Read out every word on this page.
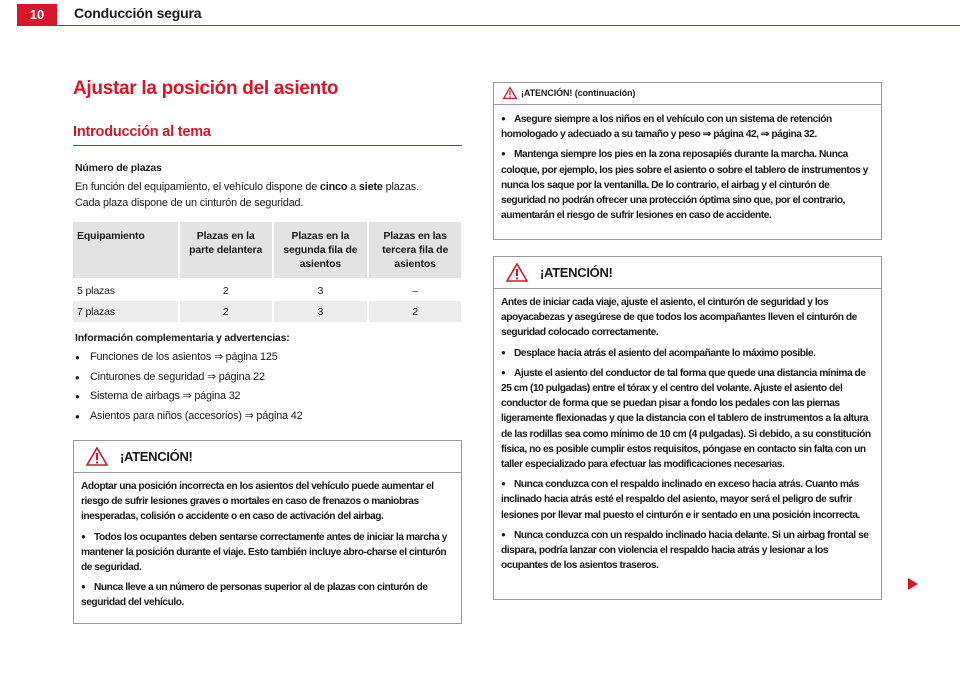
10	Conducción segura
Ajustar la posición del asiento
Introducción al tema
Número de plazas
En función del equipamiento, el vehículo dispone de cinco a siete plazas.
Cada plaza dispone de un cinturón de seguridad.
Equipamiento	Plazas en la parte delantera	Plazas en la segunda fila de asientos	Plazas en las tercera fila de asientos

5 plazas	2	3	–
7 plazas	2	3	2
Información complementaria y advertencias:
● Funciones de los asientos ⇒ página 125
● Cinturones de seguridad ⇒ página 22
● Sistema de airbags ⇒ página 32
● Asientos para niños (accesorios) ⇒ página 42
¡ATENCIÓN!

Adoptar una posición incorrecta en los asientos del vehículo puede aumentar el riesgo de sufrir lesiones graves o mortales en caso de frenazos o maniobras inesperadas, colisión o accidente o en caso de activación del airbag.

● Todos los ocupantes deben sentarse correctamente antes de iniciar la marcha y mantener la posición durante el viaje. Esto también incluye abro-charse el cinturón de seguridad.

● Nunca lleve a un número de personas superior al de plazas con cinturón de seguridad del vehículo.

¡ATENCIÓN! (continuación)

● Asegure siempre a los niños en el vehículo con un sistema de retención homologado y adecuado a su tamaño y peso ⇒ página 42, ⇒ página 32.

● Mantenga siempre los pies en la zona reposapiés durante la marcha. Nunca coloque, por ejemplo, los pies sobre el asiento o sobre el tablero de instrumentos y nunca los saque por la ventanilla. De lo contrario, el airbag y el cinturón de seguridad no podrán ofrecer una protección óptima sino que, por el contrario, aumentarán el riesgo de sufrir lesiones en caso de accidente.

¡ATENCIÓN!

Antes de iniciar cada viaje, ajuste el asiento, el cinturón de seguridad y los apoyacabezas y asegúrese de que todos los acompañantes lleven el cinturón de seguridad colocado correctamente.

● Desplace hacia atrás el asiento del acompañante lo máximo posible.

● Ajuste el asiento del conductor de tal forma que quede una distancia mínima de 25 cm (10 pulgadas) entre el tórax y el centro del volante. Ajuste el asiento del conductor de forma que se puedan pisar a fondo los pedales con las piernas ligeramente flexionadas y que la distancia con el tablero de instrumentos a la altura de las rodillas sea como mínimo de 10 cm (4 pulgadas). Si debido, a su constitución física, no es posible cumplir estos requisitos, póngase en contacto sin falta con un taller especializado para efectuar las modificaciones necesarias.

● Nunca conduzca con el respaldo inclinado en exceso hacia atrás. Cuanto más inclinado hacia atrás esté el respaldo del asiento, mayor será el peligro de sufrir lesiones por llevar mal puesto el cinturón e ir sentado en una posición incorrecta.

● Nunca conduzca con un respaldo inclinado hacia delante. Si un airbag frontal se dispara, podría lanzar con violencia el respaldo hacia atrás y lesionar a los ocupantes de los asientos traseros.
